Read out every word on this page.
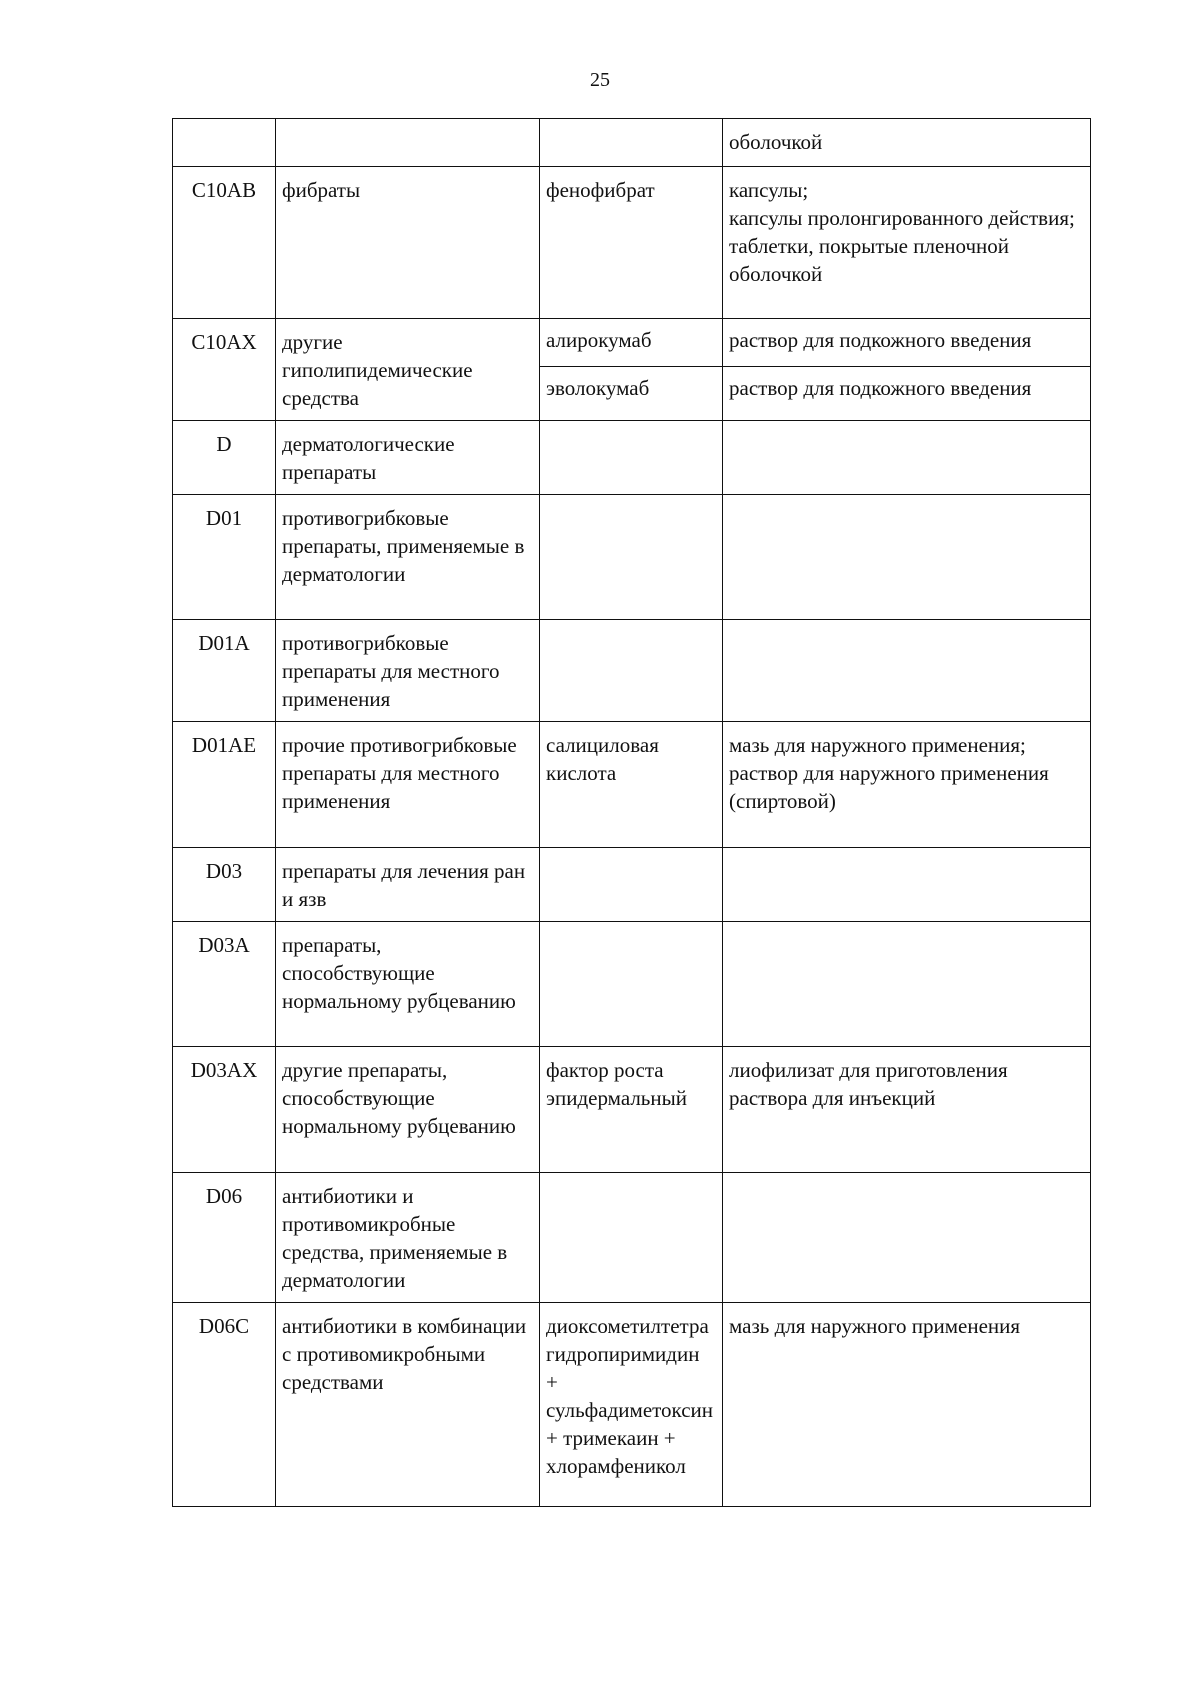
25

			оболочкой

C10AB	фибраты	фенофибрат	капсулы;
капсулы пролонгированного действия;
таблетки, покрытые пленочной оболочкой

C10AX	другие гиполипидемические средства	алирокумаб	раствор для подкожного введения
		эволокумаб	раствор для подкожного введения
D	дерматологические препараты		
D01	противогрибковые препараты, применяемые в дерматологии		
D01A	противогрибковые препараты для местного применения		
D01AE	прочие противогрибковые препараты для местного применения	салициловая кислота	мазь для наружного применения;
раствор для наружного применения (спиртовой)

D03	препараты для лечения ран и язв		
D03A	препараты, способствующие нормальному рубцеванию		
D03AX	другие препараты, способствующие нормальному рубцеванию	фактор роста эпидермальный	лиофилизат для приготовления раствора для инъекций

D06	антибиотики и противомикробные средства, применяемые в дерматологии		
D06C	антибиотики в комбинации с противомикробными средствами	диоксометилтетрагидропиримидин + сульфадиметоксин + тримекаин + хлорамфеникол	мазь для наружного применения
